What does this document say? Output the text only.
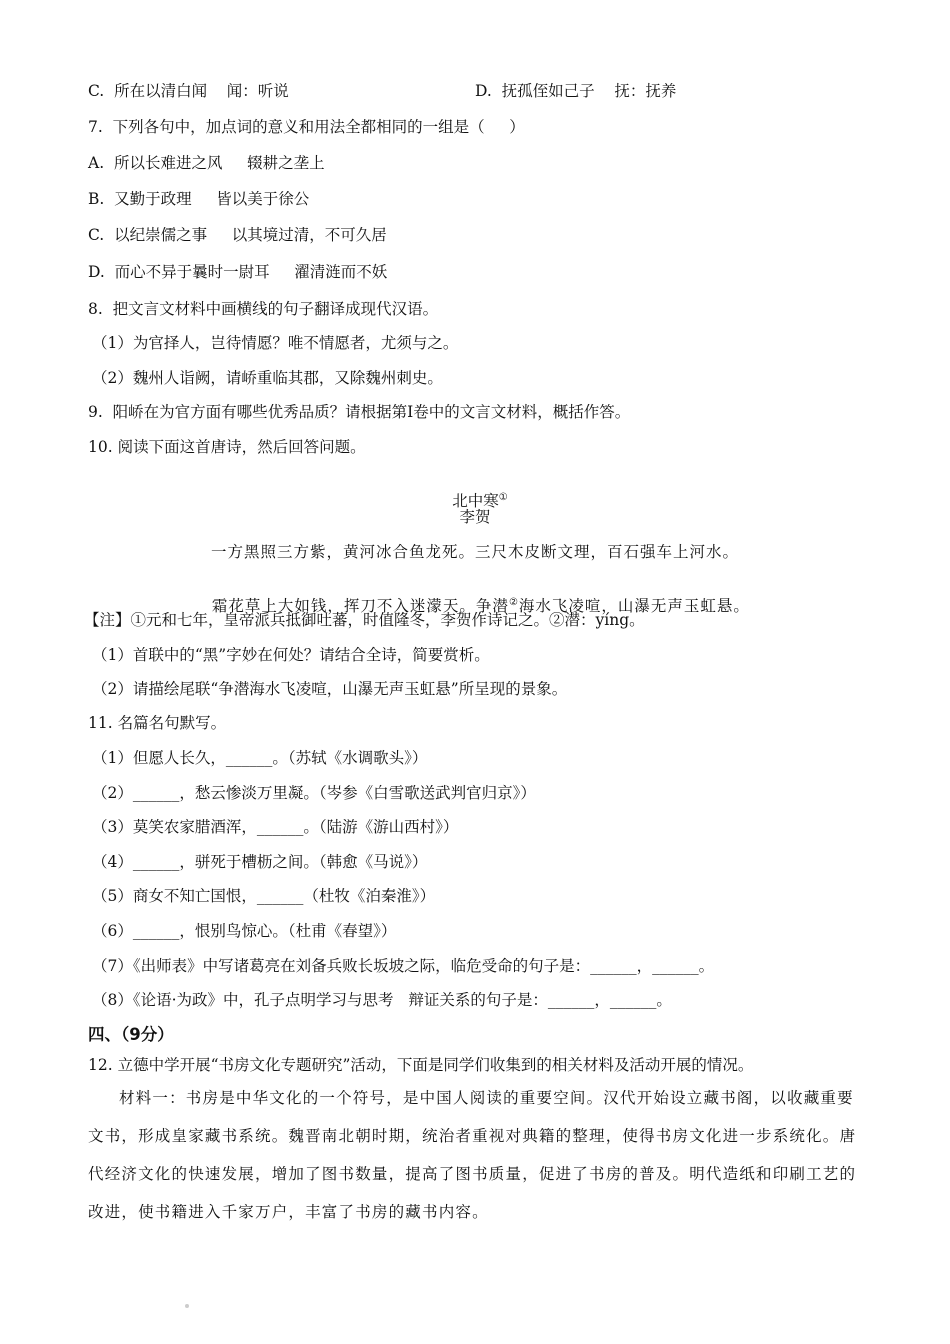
C.  所在以清白闻    闻：听说	D.  抚孤侄如己子    抚：抚养
7.  下列各句中，加点词的意义和用法全都相同的一组是（     ）
A.  所以长难进之风     辍耕之垄上
B.  又勤于政理     皆以美于徐公
C.  以纪崇儒之事     以其境过清，不可久居
D.  而心不异于曩时一尉耳     濯清涟而不妖
8.  把文言文材料中画横线的句子翻译成现代汉语。
（1）为官择人，岂待情愿？唯不情愿者，尤须与之。
（2）魏州人诣阙，请峤重临其郡，又除魏州刺史。
9.  阳峤在为官方面有哪些优秀品质？请根据第Ⅰ卷中的文言文材料，概括作答。
10. 阅读下面这首唐诗，然后回答问题。

北中寒①

李贺
一方黑照三方紫，黄河冰合鱼龙死。三尺木皮断文理，百石强车上河水。

霜花草上大如钱，挥刀不入迷濛天。争潜②海水飞凌喧，山瀑无声玉虹悬。

【注】①元和七年，皇帝派兵抵御吐蕃，时值隆冬，李贺作诗记之。②潜：yíng。
（1）首联中的“黑”字妙在何处？请结合全诗，简要赏析。
（2）请描绘尾联“争潜海水飞凌喧，山瀑无声玉虹悬”所呈现的景象。
11. 名篇名句默写。
（1）但愿人长久，______。（苏轼《水调歌头》）
（2）______，愁云惨淡万里凝。（岑参《白雪歌送武判官归京》）
（3）莫笑农家腊酒浑，______。（陆游《游山西村》）
（4）______，骈死于槽枥之间。（韩愈《马说》）
（5）商女不知亡国恨，______（杜牧《泊秦淮》）
（6）______，恨别鸟惊心。（杜甫《春望》）
（7）《出师表》中写诸葛亮在刘备兵败长坂坡之际，临危受命的句子是：______，______。
（8）《论语·为政》中，孔子点明学习与思考   辩证关系的句子是：______，______。
四、（9分）
12. 立德中学开展“书房文化专题研究”活动，下面是同学们收集到的相关材料及活动开展的情况。
材料一：书房是中华文化的一个符号，是中国人阅读的重要空间。汉代开始设立藏书阁，以收藏重要文书，形成皇家藏书系统。魏晋南北朝时期，统治者重视对典籍的整理，使得书房文化进一步系统化。唐代经济文化的快速发展，增加了图书数量，提高了图书质量，促进了书房的普及。明代造纸和印刷工艺的改进，使书籍进入千家万户，丰富了书房的藏书内容。
